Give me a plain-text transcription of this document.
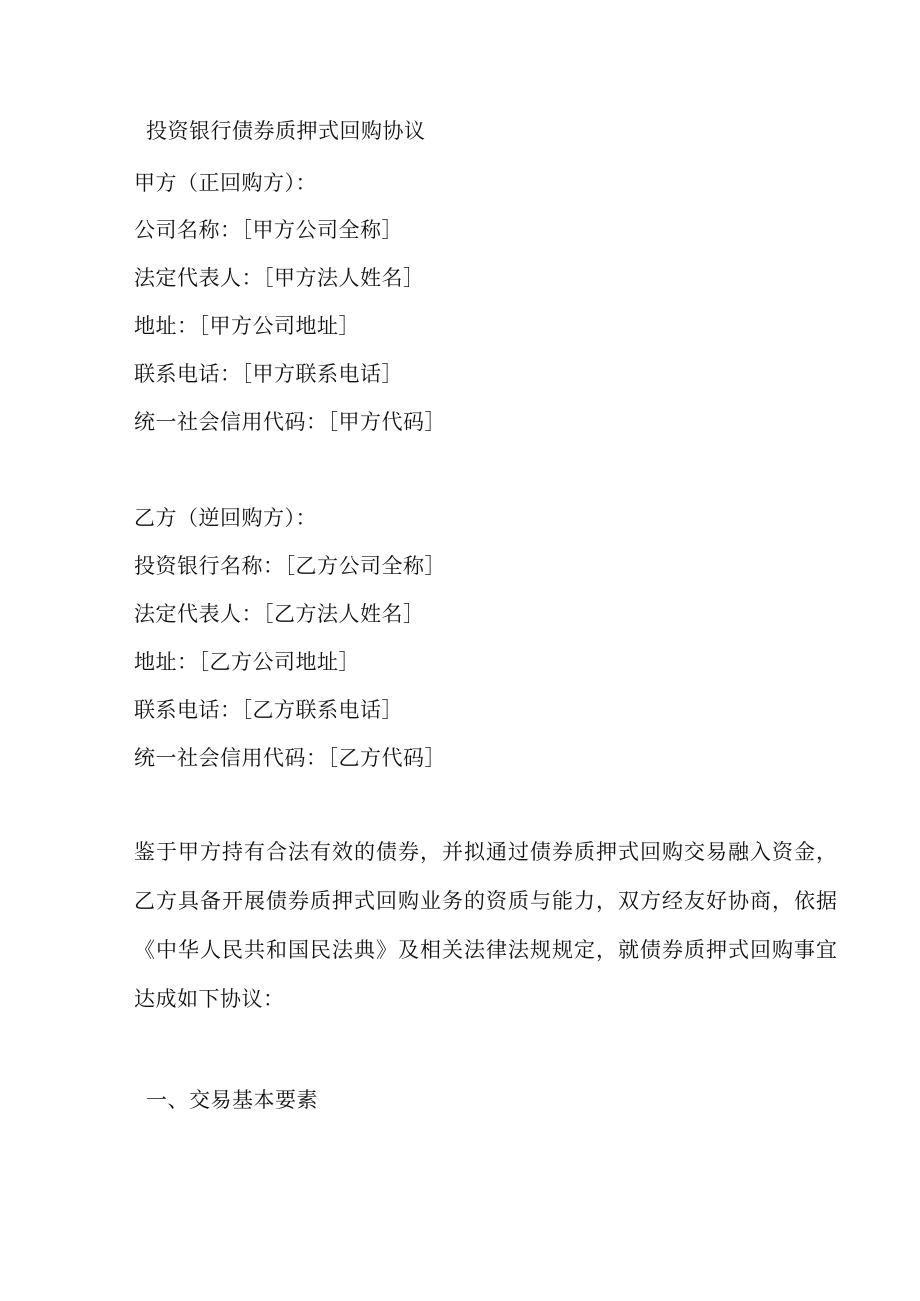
投资银行债券质押式回购协议

甲方（正回购方）：

公司名称：［甲方公司全称］

法定代表人：［甲方法人姓名］

地址：［甲方公司地址］

联系电话：［甲方联系电话］

统一社会信用代码：［甲方代码］

乙方（逆回购方）：

投资银行名称：［乙方公司全称］

法定代表人：［乙方法人姓名］

地址：［乙方公司地址］

联系电话：［乙方联系电话］

统一社会信用代码：［乙方代码］

鉴于甲方持有合法有效的债券，并拟通过债券质押式回购交易融入资金，

乙方具备开展债券质押式回购业务的资质与能力，双方经友好协商，依据

《中华人民共和国民法典》及相关法律法规规定，就债券质押式回购事宜

达成如下协议：

一、交易基本要素
